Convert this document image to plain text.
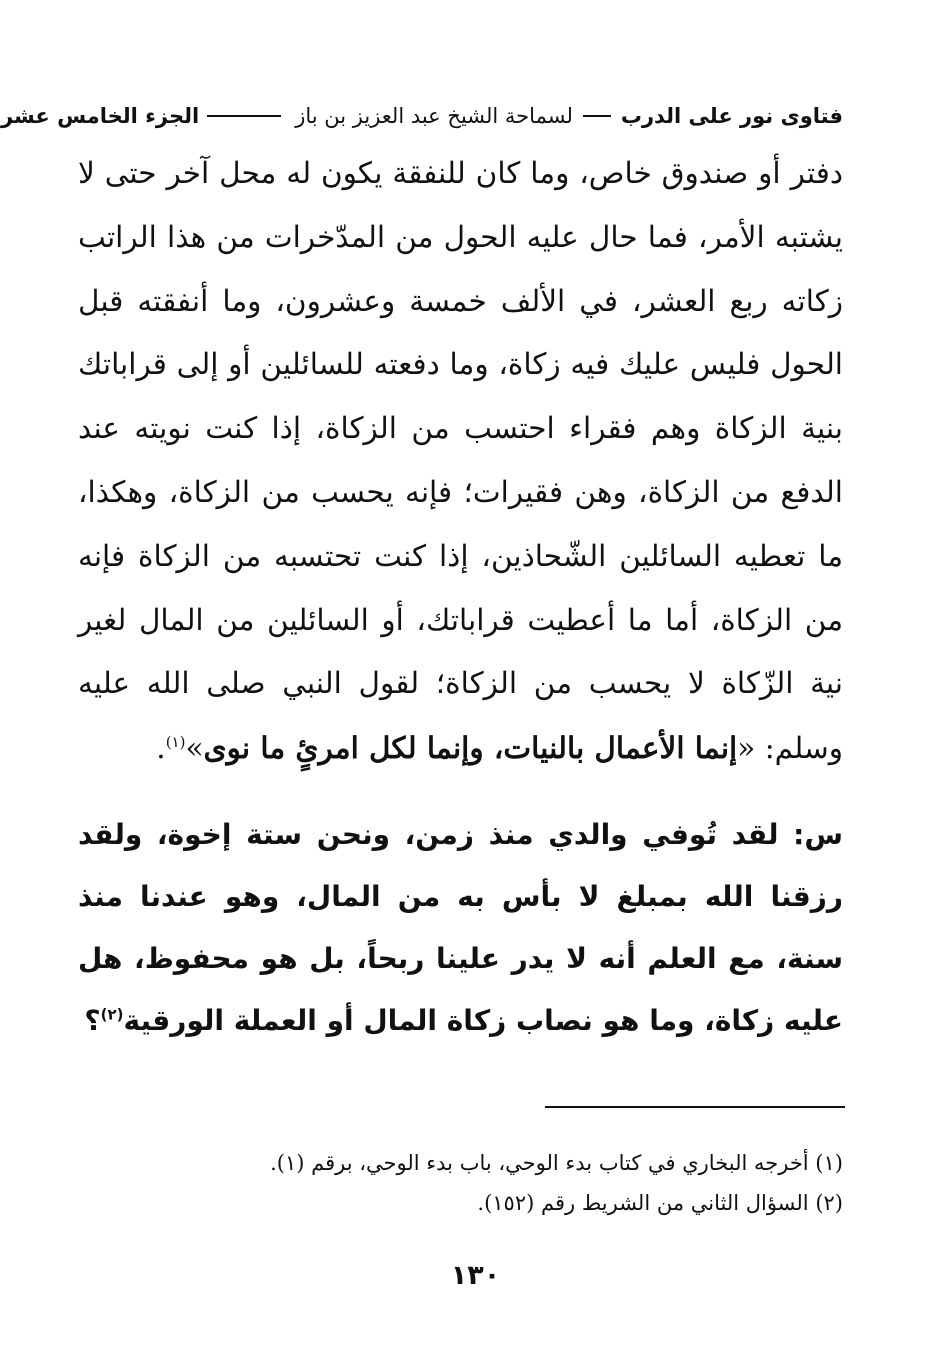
فتاوى نور على الدرب
لسماحة الشيخ عبد العزيز بن باز
الجزء الخامس عشر

دفتر أو صندوق خاص، وما كان للنفقة يكون له محل آخر حتى لا يشتبه الأمر، فما حال عليه الحول من المدّخرات من هذا الراتب زكاته ربع العشر، في الألف خمسة وعشرون، وما أنفقته قبل الحول فليس عليك فيه زكاة، وما دفعته للسائلين أو إلى قراباتك بنية الزكاة وهم فقراء احتسب من الزكاة، إذا كنت نويته عند الدفع من الزكاة، وهن فقيرات؛ فإنه يحسب من الزكاة، وهكذا، ما تعطيه السائلين الشّحاذين، إذا كنت تحتسبه من الزكاة فإنه من الزكاة، أما ما أعطيت قراباتك، أو السائلين من المال لغير نية الزّكاة لا يحسب من الزكاة؛ لقول النبي صلى الله عليه وسلم: «إنما الأعمال بالنيات، وإنما لكل امرئٍ ما نوى»$^{(١)}$.

س: لقد تُوفي والدي منذ زمن، ونحن ستة إخوة، ولقد رزقنا الله بمبلغ لا بأس به من المال، وهو عندنا منذ سنة، مع العلم أنه لا يدر علينا ربحاً، بل هو محفوظ، هل عليه زكاة، وما هو نصاب زكاة المال أو العملة الورقية$^{(٢)}$؟
(١) أخرجه البخاري في كتاب بدء الوحي، باب بدء الوحي، برقم (١).
(٢) السؤال الثاني من الشريط رقم (١٥٢).
١٣٠
